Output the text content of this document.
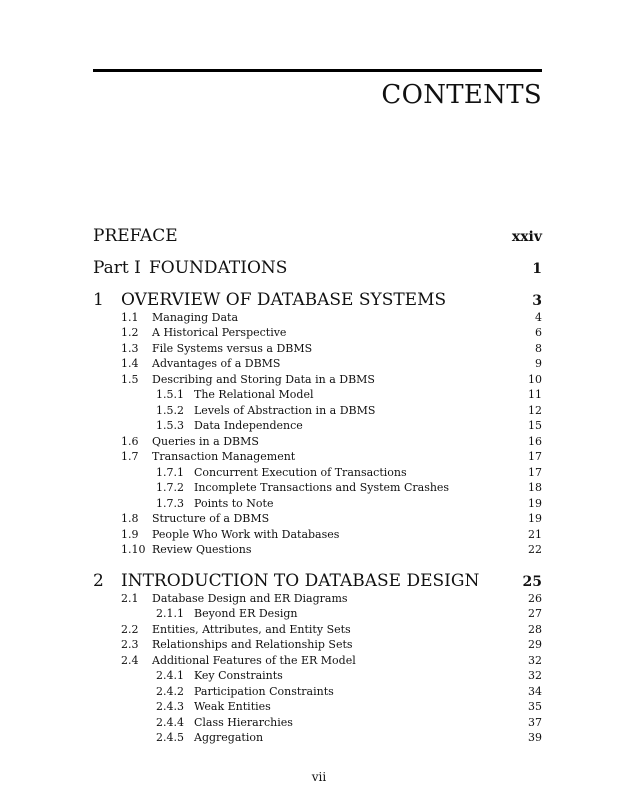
CONTENTS
PREFACE	xxiv
Part I FOUNDATIONS	1
1 OVERVIEW OF DATABASE SYSTEMS	3
1.1 Managing Data	4
1.2 A Historical Perspective	6
1.3 File Systems versus a DBMS	8
1.4 Advantages of a DBMS	9
1.5 Describing and Storing Data in a DBMS	10
1.5.1 The Relational Model	11
1.5.2 Levels of Abstraction in a DBMS	12
1.5.3 Data Independence	15
1.6 Queries in a DBMS	16
1.7 Transaction Management	17
1.7.1 Concurrent Execution of Transactions	17
1.7.2 Incomplete Transactions and System Crashes	18
1.7.3 Points to Note	19
1.8 Structure of a DBMS	19
1.9 People Who Work with Databases	21
1.10 Review Questions	22
2 INTRODUCTION TO DATABASE DESIGN	25
2.1 Database Design and ER Diagrams	26
2.1.1 Beyond ER Design	27
2.2 Entities, Attributes, and Entity Sets	28
2.3 Relationships and Relationship Sets	29
2.4 Additional Features of the ER Model	32
2.4.1 Key Constraints	32
2.4.2 Participation Constraints	34
2.4.3 Weak Entities	35
2.4.4 Class Hierarchies	37
2.4.5 Aggregation	39
vii
